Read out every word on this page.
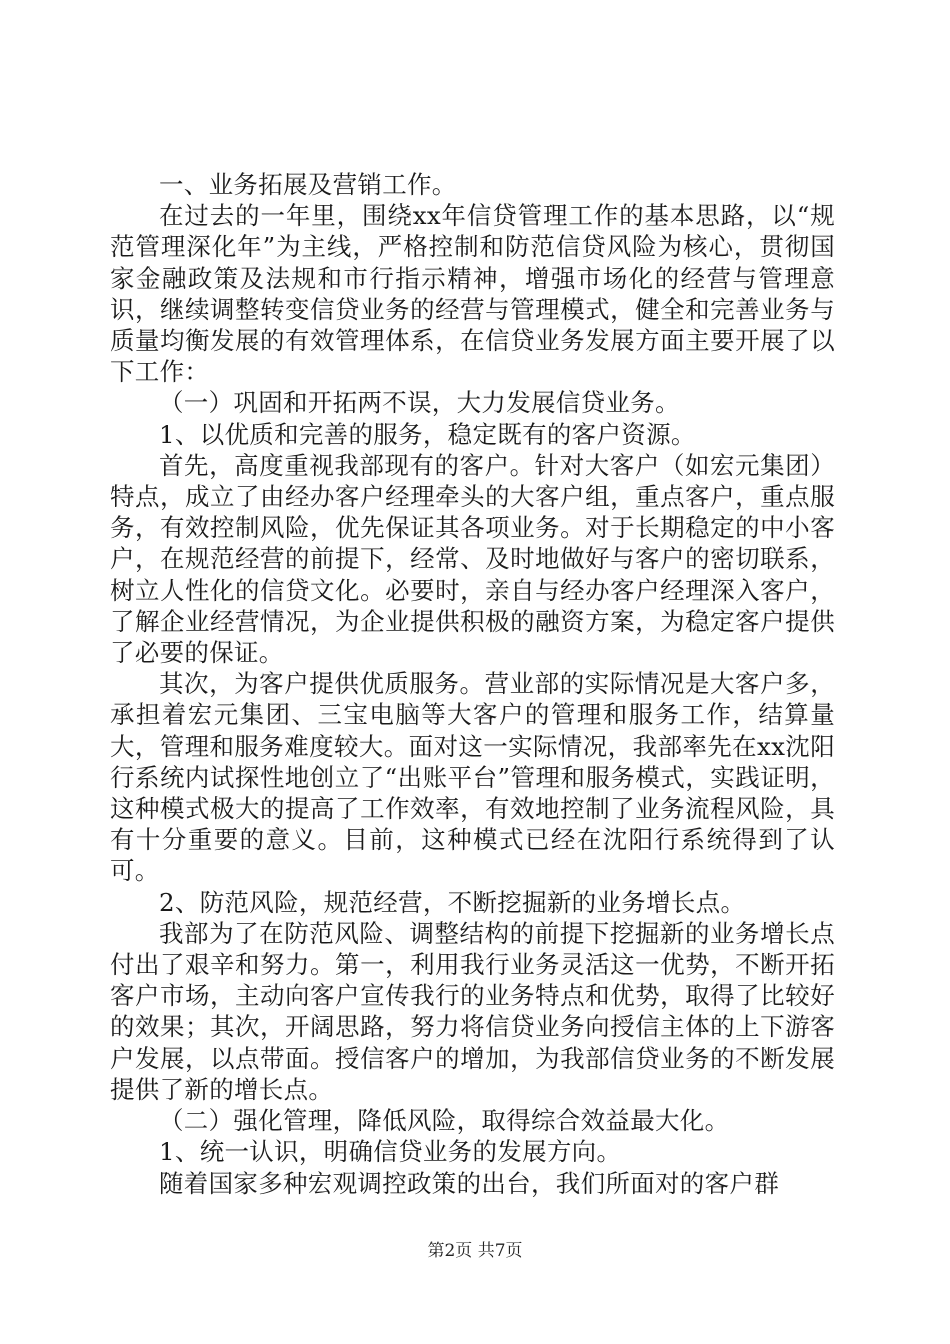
一、业务拓展及营销工作。

在过去的一年里，围绕xx年信贷管理工作的基本思路，以“规范管理深化年”为主线，严格控制和防范信贷风险为核心，贯彻国家金融政策及法规和市行指示精神，增强市场化的经营与管理意识，继续调整转变信贷业务的经营与管理模式，健全和完善业务与质量均衡发展的有效管理体系，在信贷业务发展方面主要开展了以下工作：

（一）巩固和开拓两不误，大力发展信贷业务。

1、以优质和完善的服务，稳定既有的客户资源。

首先，高度重视我部现有的客户。针对大客户（如宏元集团）特点，成立了由经办客户经理牵头的大客户组，重点客户，重点服务，有效控制风险，优先保证其各项业务。对于长期稳定的中小客户，在规范经营的前提下，经常、及时地做好与客户的密切联系，树立人性化的信贷文化。必要时，亲自与经办客户经理深入客户，了解企业经营情况，为企业提供积极的融资方案，为稳定客户提供了必要的保证。

其次，为客户提供优质服务。营业部的实际情况是大客户多，承担着宏元集团、三宝电脑等大客户的管理和服务工作，结算量大，管理和服务难度较大。面对这一实际情况，我部率先在xx沈阳行系统内试探性地创立了“出账平台”管理和服务模式，实践证明，这种模式极大的提高了工作效率，有效地控制了业务流程风险，具有十分重要的意义。目前，这种模式已经在沈阳行系统得到了认可。

2、防范风险，规范经营，不断挖掘新的业务增长点。

我部为了在防范风险、调整结构的前提下挖掘新的业务增长点付出了艰辛和努力。第一，利用我行业务灵活这一优势，不断开拓客户市场，主动向客户宣传我行的业务特点和优势，取得了比较好的效果；其次，开阔思路，努力将信贷业务向授信主体的上下游客户发展，以点带面。授信客户的增加，为我部信贷业务的不断发展提供了新的增长点。

（二）强化管理，降低风险，取得综合效益最大化。

1、统一认识，明确信贷业务的发展方向。

随着国家多种宏观调控政策的出台，我们所面对的客户群

第2页 共7页
